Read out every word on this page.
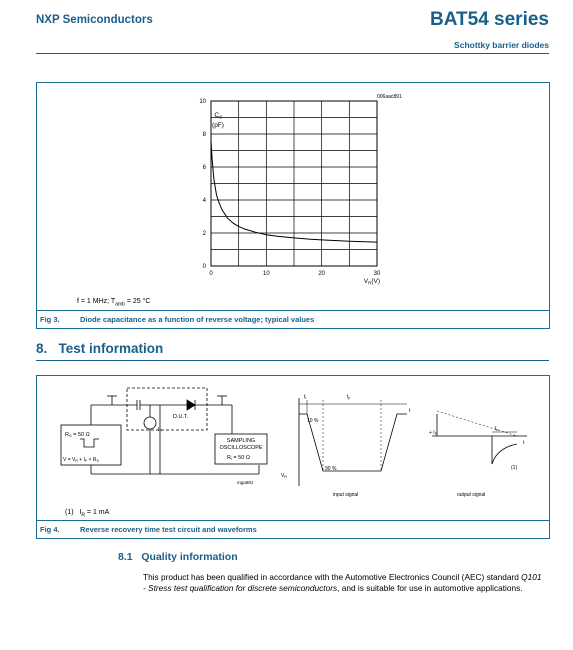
NXP Semiconductors	BAT54 series
Schottky barrier diodes
006aac891
0	10	20	30
0
2
4
6
8
10
$C_d$
(pF)
$V_R(V)$
f = 1 MHz; $T_{amb} = 25$ °C
Fig 3.	Diode capacitance as a function of reverse voltage; typical values
8. Test information
RS = 50 Ω
$V = V_R + I_F \times R_S$
D.U.T.
IF
SAMPLING
OSCILLOSCOPE
Ri = 50 Ω
mga881
$t_r$	$t_p$
t
10 %
90 %
$V_R$
input signal
+ $I_F$
$t_{rr}$
t
(1)
output signal
(1) $I_R = 1$ mA
Fig 4.	Reverse recovery time test circuit and waveforms
8.1 Quality information
This product has been qualified in accordance with the Automotive Electronics Council (AEC) standard Q101 - Stress test qualification for discrete semiconductors, and is suitable for use in automotive applications.
